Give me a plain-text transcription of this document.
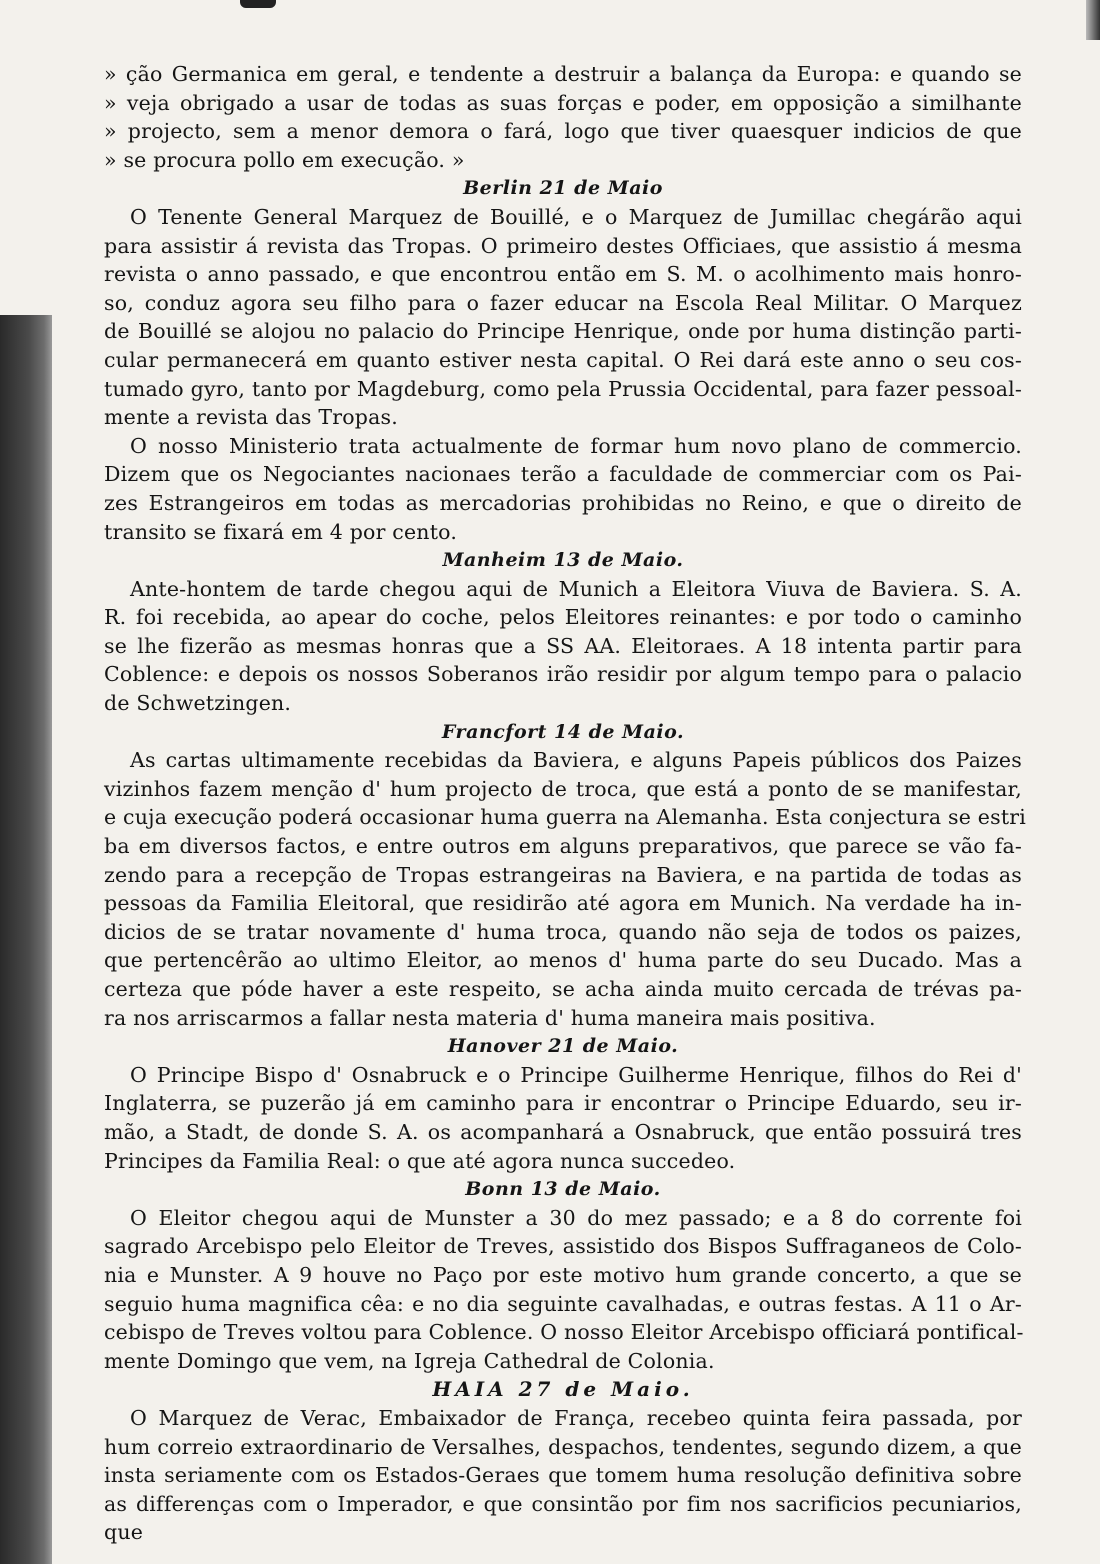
» ção Germanica em geral, e tendente a destruir a balança da Europa: e quando se
» veja obrigado a usar de todas as suas forças e poder, em opposição a similhante
» projecto, sem a menor demora o fará, logo que tiver quaesquer indicios de que
» se procura pollo em execução. »
Berlin 21 de Maio
O Tenente General Marquez de Bouillé, e o Marquez de Jumillac chegárão aqui
para assistir á revista das Tropas. O primeiro destes Officiaes, que assistio á mesma
revista o anno passado, e que encontrou então em S. M. o acolhimento mais honro-
so, conduz agora seu filho para o fazer educar na Escola Real Militar. O Marquez
de Bouillé se alojou no palacio do Principe Henrique, onde por huma distinção parti-
cular permanecerá em quanto estiver nesta capital. O Rei dará este anno o seu cos-
tumado gyro, tanto por Magdeburg, como pela Prussia Occidental, para fazer pessoal-
mente a revista das Tropas.
O nosso Ministerio trata actualmente de formar hum novo plano de commercio.
Dizem que os Negociantes nacionaes terão a faculdade de commerciar com os Pai-
zes Estrangeiros em todas as mercadorias prohibidas no Reino, e que o direito de
transito se fixará em 4 por cento.
Manheim 13 de Maio.
Ante-hontem de tarde chegou aqui de Munich a Eleitora Viuva de Baviera. S. A.
R. foi recebida, ao apear do coche, pelos Eleitores reinantes: e por todo o caminho
se lhe fizerão as mesmas honras que a SS AA. Eleitoraes. A 18 intenta partir para
Coblence: e depois os nossos Soberanos irão residir por algum tempo para o palacio
de Schwetzingen.
Francfort 14 de Maio.
As cartas ultimamente recebidas da Baviera, e alguns Papeis públicos dos Paizes
vizinhos fazem menção d' hum projecto de troca, que está a ponto de se manifestar,
e cuja execução poderá occasionar huma guerra na Alemanha. Esta conjectura se estri
ba em diversos factos, e entre outros em alguns preparativos, que parece se vão fa-
zendo para a recepção de Tropas estrangeiras na Baviera, e na partida de todas as
pessoas da Familia Eleitoral, que residirão até agora em Munich. Na verdade ha in-
dicios de se tratar novamente d' huma troca, quando não seja de todos os paizes,
que pertencêrão ao ultimo Eleitor, ao menos d' huma parte do seu Ducado. Mas a
certeza que póde haver a este respeito, se acha ainda muito cercada de trévas pa-
ra nos arriscarmos a fallar nesta materia d' huma maneira mais positiva.
Hanover 21 de Maio.
O Principe Bispo d' Osnabruck e o Principe Guilherme Henrique, filhos do Rei d'
Inglaterra, se puzerão já em caminho para ir encontrar o Principe Eduardo, seu ir-
mão, a Stadt, de donde S. A. os acompanhará a Osnabruck, que então possuirá tres
Principes da Familia Real: o que até agora nunca succedeo.
Bonn 13 de Maio.
O Eleitor chegou aqui de Munster a 30 do mez passado; e a 8 do corrente foi
sagrado Arcebispo pelo Eleitor de Treves, assistido dos Bispos Suffraganeos de Colo-
nia e Munster. A 9 houve no Paço por este motivo hum grande concerto, a que se
seguio huma magnifica cêa: e no dia seguinte cavalhadas, e outras festas. A 11 o Ar-
cebispo de Treves voltou para Coblence. O nosso Eleitor Arcebispo officiará pontifical-
mente Domingo que vem, na Igreja Cathedral de Colonia.
HAIA 27 de Maio.
O Marquez de Verac, Embaixador de França, recebeo quinta feira passada, por
hum correio extraordinario de Versalhes, despachos, tendentes, segundo dizem, a que
insta seriamente com os Estados-Geraes que tomem huma resolução definitiva sobre
as differenças com o Imperador, e que consintão por fim nos sacrificios pecuniarios,
que
